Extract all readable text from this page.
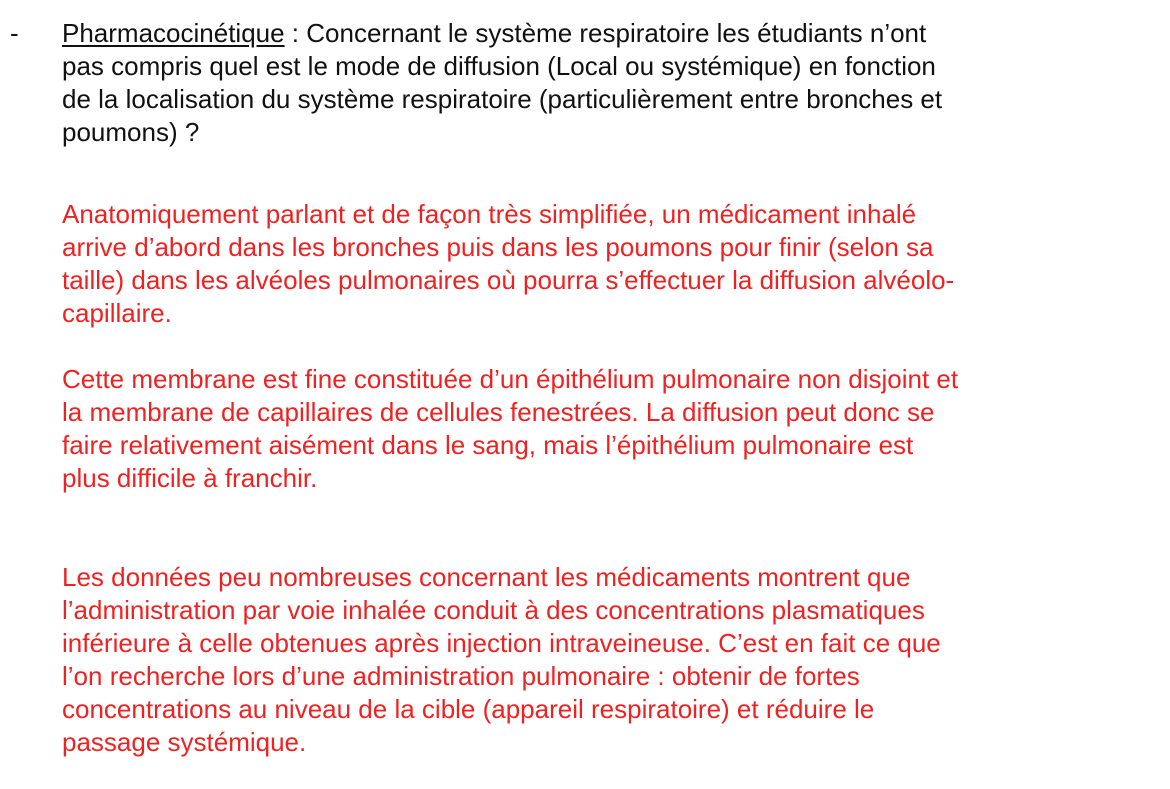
- Pharmacocinétique : Concernant le système respiratoire les étudiants n’ont
pas compris quel est le mode de diffusion (Local ou systémique) en fonction
de la localisation du système respiratoire (particulièrement entre bronches et
poumons) ?

Anatomiquement parlant et de façon très simplifiée, un médicament inhalé
arrive d’abord dans les bronches puis dans les poumons pour finir (selon sa
taille) dans les alvéoles pulmonaires où pourra s’effectuer la diffusion alvéolo-
capillaire.

Cette membrane est fine constituée d’un épithélium pulmonaire non disjoint et
la membrane de capillaires de cellules fenestrées. La diffusion peut donc se
faire relativement aisément dans le sang, mais l’épithélium pulmonaire est
plus difficile à franchir.

Les données peu nombreuses concernant les médicaments montrent que
l’administration par voie inhalée conduit à des concentrations plasmatiques
inférieure à celle obtenues après injection intraveineuse. C’est en fait ce que
l’on recherche lors d’une administration pulmonaire : obtenir de fortes
concentrations au niveau de la cible (appareil respiratoire) et réduire le
passage systémique.
